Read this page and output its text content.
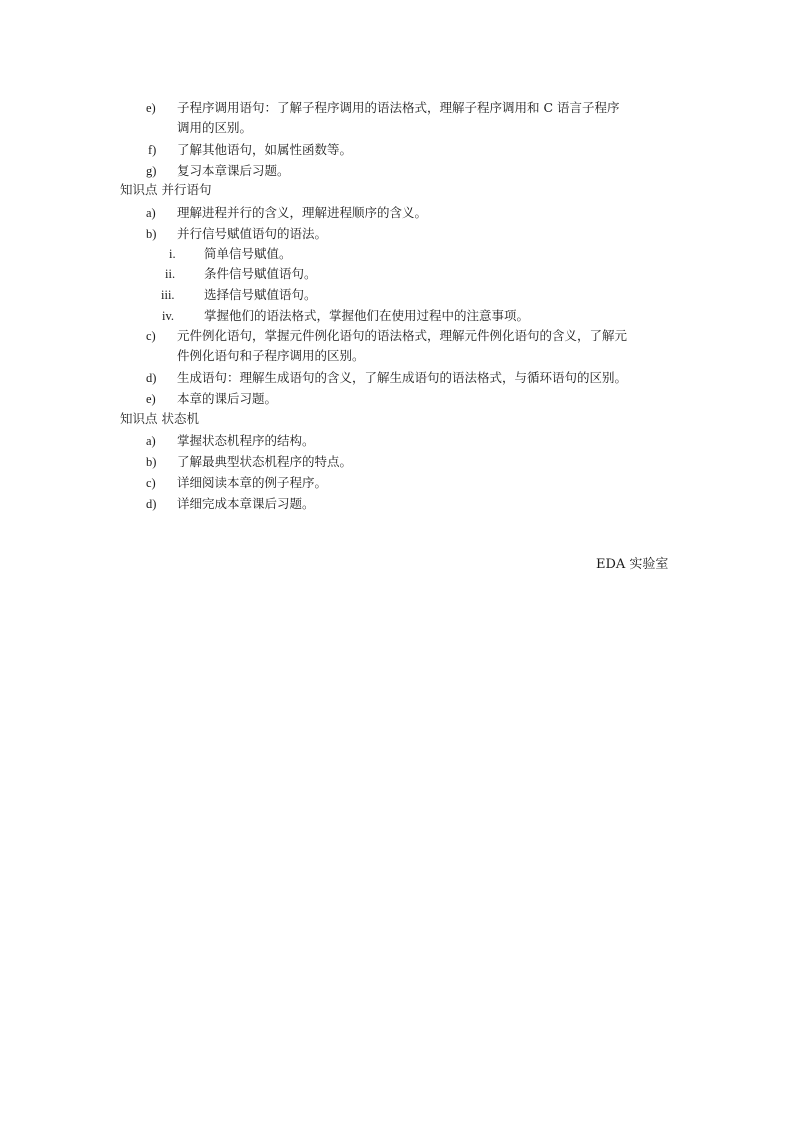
e) 子程序调用语句：了解子程序调用的语法格式，理解子程序调用和 C 语言子程序
调用的区别。
f) 了解其他语句，如属性函数等。
g) 复习本章课后习题。
知识点 并行语句
a) 理解进程并行的含义，理解进程顺序的含义。
b) 并行信号赋值语句的语法。
i. 简单信号赋值。
ii. 条件信号赋值语句。
iii. 选择信号赋值语句。
iv. 掌握他们的语法格式，掌握他们在使用过程中的注意事项。
c) 元件例化语句，掌握元件例化语句的语法格式，理解元件例化语句的含义，了解元
件例化语句和子程序调用的区别。
d) 生成语句：理解生成语句的含义，了解生成语句的语法格式，与循环语句的区别。
e) 本章的课后习题。
知识点 状态机
a) 掌握状态机程序的结构。
b) 了解最典型状态机程序的特点。
c) 详细阅读本章的例子程序。
d) 详细完成本章课后习题。
EDA 实验室
